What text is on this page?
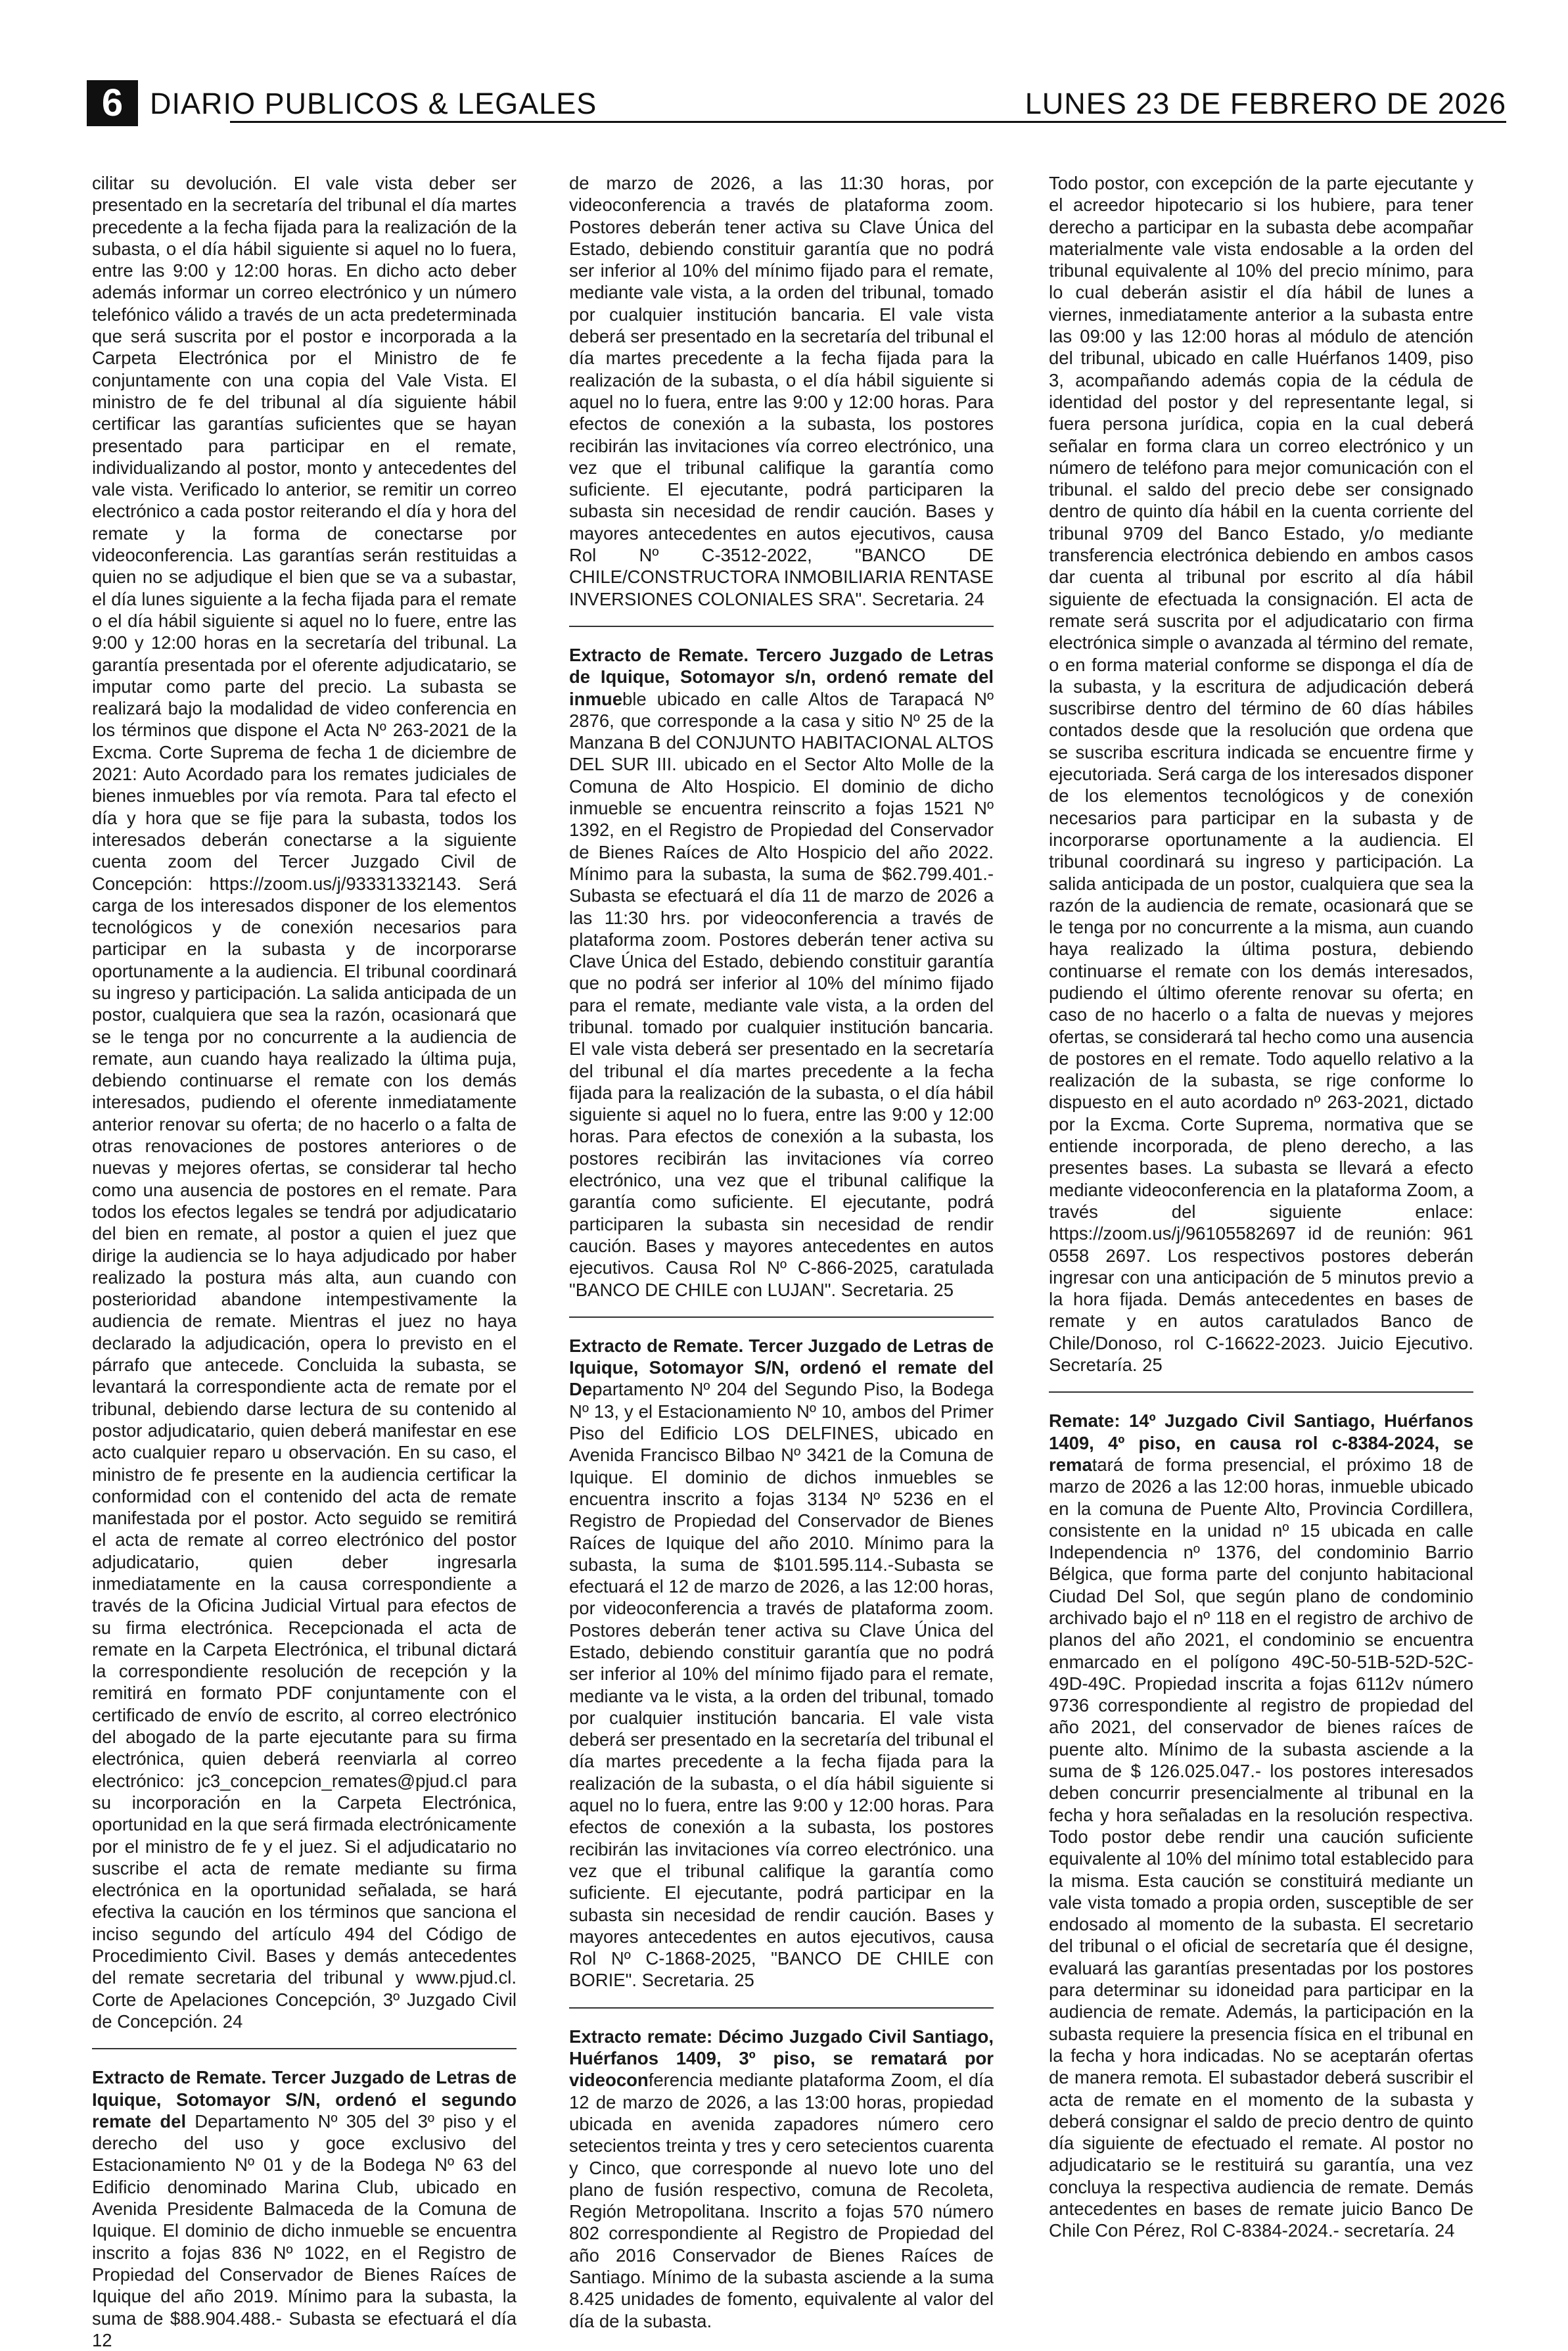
6 DIARIO PUBLICOS & LEGALES	LUNES 23 DE FEBRERO DE 2026

cilitar su devolución. El vale vista deber ser presentado en la secretaría del tribunal el día martes precedente a la fecha fijada para la realización de la subasta, o el día hábil siguiente si aquel no lo fuera, entre las 9:00 y 12:00 horas. En dicho acto deber además informar un correo electrónico y un número telefónico válido a través de un acta predeterminada que será suscrita por el postor e incorporada a la Carpeta Electrónica por el Ministro de fe conjuntamente con una copia del Vale Vista. El ministro de fe del tribunal al día siguiente hábil certificar las garantías suficientes que se hayan presentado para participar en el remate, individualizando al postor, monto y antecedentes del vale vista. Verificado lo anterior, se remitir un correo electrónico a cada postor reiterando el día y hora del remate y la forma de conectarse por videoconferencia. Las garantías serán restituidas a quien no se adjudique el bien que se va a subastar, el día lunes siguiente a la fecha fijada para el remate o el día hábil siguiente si aquel no lo fuere, entre las 9:00 y 12:00 horas en la secretaría del tribunal. La garantía presentada por el oferente adjudicatario, se imputar como parte del precio. La subasta se realizará bajo la modalidad de video conferencia en los términos que dispone el Acta Nº 263-2021 de la Excma. Corte Suprema de fecha 1 de diciembre de 2021: Auto Acordado para los remates judiciales de bienes inmuebles por vía remota. Para tal efecto el día y hora que se fije para la subasta, todos los interesados deberán conectarse a la siguiente cuenta zoom del Tercer Juzgado Civil de Concepción: https://zoom.us/j/93331332143. Será carga de los interesados disponer de los elementos tecnológicos y de conexión necesarios para participar en la subasta y de incorporarse oportunamente a la audiencia. El tribunal coordinará su ingreso y participación. La salida anticipada de un postor, cualquiera que sea la razón, ocasionará que se le tenga por no concurrente a la audiencia de remate, aun cuando haya realizado la última puja, debiendo continuarse el remate con los demás interesados, pudiendo el oferente inmediatamente anterior renovar su oferta; de no hacerlo o a falta de otras renovaciones de postores anteriores o de nuevas y mejores ofertas, se considerar tal hecho como una ausencia de postores en el remate. Para todos los efectos legales se tendrá por adjudicatario del bien en remate, al postor a quien el juez que dirige la audiencia se lo haya adjudicado por haber realizado la postura más alta, aun cuando con posterioridad abandone intempestivamente la audiencia de remate. Mientras el juez no haya declarado la adjudicación, opera lo previsto en el párrafo que antecede. Concluida la subasta, se levantará la correspondiente acta de remate por el tribunal, debiendo darse lectura de su contenido al postor adjudicatario, quien deberá manifestar en ese acto cualquier reparo u observación. En su caso, el ministro de fe presente en la audiencia certificar la conformidad con el contenido del acta de remate manifestada por el postor. Acto seguido se remitirá el acta de remate al correo electrónico del postor adjudicatario, quien deber ingresarla inmediatamente en la causa correspondiente a través de la Oficina Judicial Virtual para efectos de su firma electrónica. Recepcionada el acta de remate en la Carpeta Electrónica, el tribunal dictará la correspondiente resolución de recepción y la remitirá en formato PDF conjuntamente con el certificado de envío de escrito, al correo electrónico del abogado de la parte ejecutante para su firma electrónica, quien deberá reenviarla al correo electrónico: jc3_concepcion_remates@pjud.cl para su incorporación en la Carpeta Electrónica, oportunidad en la que será firmada electrónicamente por el ministro de fe y el juez. Si el adjudicatario no suscribe el acta de remate mediante su firma electrónica en la oportunidad señalada, se hará efectiva la caución en los términos que sanciona el inciso segundo del artículo 494 del Código de Procedimiento Civil. Bases y demás antecedentes del remate secretaria del tribunal y www.pjud.cl. Corte de Apelaciones Concepción, 3º Juzgado Civil de Concepción. 24

Extracto de Remate. Tercer Juzgado de Letras de Iquique, Sotomayor S/N, ordenó el segundo remate del Departamento Nº 305 del 3º piso y el derecho del uso y goce exclusivo del Estacionamiento Nº 01 y de la Bodega Nº 63 del Edificio denominado Marina Club, ubicado en Avenida Presidente Balmaceda de la Comuna de Iquique. El dominio de dicho inmueble se encuentra inscrito a fojas 836 Nº 1022, en el Registro de Propiedad del Conservador de Bienes Raíces de Iquique del año 2019. Mínimo para la subasta, la suma de $88.904.488.- Subasta se efectuará el día 12

de marzo de 2026, a las 11:30 horas, por videoconferencia a través de plataforma zoom. Postores deberán tener activa su Clave Única del Estado, debiendo constituir garantía que no podrá ser inferior al 10% del mínimo fijado para el remate, mediante vale vista, a la orden del tribunal, tomado por cualquier institución bancaria. El vale vista deberá ser presentado en la secretaría del tribunal el día martes precedente a la fecha fijada para la realización de la subasta, o el día hábil siguiente si aquel no lo fuera, entre las 9:00 y 12:00 horas. Para efectos de conexión a la subasta, los postores recibirán las invitaciones vía correo electrónico, una vez que el tribunal califique la garantía como suficiente. El ejecutante, podrá participaren la subasta sin necesidad de rendir caución. Bases y mayores antecedentes en autos ejecutivos, causa Rol Nº C-3512-2022, "BANCO DE CHILE/CONSTRUCTORA INMOBILIARIA RENTASE INVERSIONES COLONIALES SRA". Secretaria. 24

Extracto de Remate. Tercero Juzgado de Letras de Iquique, Sotomayor s/n, ordenó remate del inmueble ubicado en calle Altos de Tarapacá Nº 2876, que corresponde a la casa y sitio Nº 25 de la Manzana B del CONJUNTO HABITACIONAL ALTOS DEL SUR III. ubicado en el Sector Alto Molle de la Comuna de Alto Hospicio. El dominio de dicho inmueble se encuentra reinscrito a fojas 1521 Nº 1392, en el Registro de Propiedad del Conservador de Bienes Raíces de Alto Hospicio del año 2022. Mínimo para la subasta, la suma de $62.799.401.- Subasta se efectuará el día 11 de marzo de 2026 a las 11:30 hrs. por videoconferencia a través de plataforma zoom. Postores deberán tener activa su Clave Única del Estado, debiendo constituir garantía que no podrá ser inferior al 10% del mínimo fijado para el remate, mediante vale vista, a la orden del tribunal. tomado por cualquier institución bancaria. El vale vista deberá ser presentado en la secretaría del tribunal el día martes precedente a la fecha fijada para la realización de la subasta, o el día hábil siguiente si aquel no lo fuera, entre las 9:00 y 12:00 horas. Para efectos de conexión a la subasta, los postores recibirán las invitaciones vía correo electrónico, una vez que el tribunal califique la garantía como suficiente. El ejecutante, podrá participaren la subasta sin necesidad de rendir caución. Bases y mayores antecedentes en autos ejecutivos. Causa Rol Nº C-866-2025, caratulada "BANCO DE CHILE con LUJAN". Secretaria. 25

Extracto de Remate. Tercer Juzgado de Letras de Iquique, Sotomayor S/N, ordenó el remate del Departamento Nº 204 del Segundo Piso, la Bodega Nº 13, y el Estacionamiento Nº 10, ambos del Primer Piso del Edificio LOS DELFINES, ubicado en Avenida Francisco Bilbao Nº 3421 de la Comuna de Iquique. El dominio de dichos inmuebles se encuentra inscrito a fojas 3134 Nº 5236 en el Registro de Propiedad del Conservador de Bienes Raíces de Iquique del año 2010. Mínimo para la subasta, la suma de $101.595.114.-Subasta se efectuará el 12 de marzo de 2026, a las 12:00 horas, por videoconferencia a través de plataforma zoom. Postores deberán tener activa su Clave Única del Estado, debiendo constituir garantía que no podrá ser inferior al 10% del mínimo fijado para el remate, mediante va le vista, a la orden del tribunal, tomado por cualquier institución bancaria. El vale vista deberá ser presentado en la secretaría del tribunal el día martes precedente a la fecha fijada para la realización de la subasta, o el día hábil siguiente si aquel no lo fuera, entre las 9:00 y 12:00 horas. Para efectos de conexión a la subasta, los postores recibirán las invitaciones vía correo electrónico. una vez que el tribunal califique la garantía como suficiente. El ejecutante, podrá participar en la subasta sin necesidad de rendir caución. Bases y mayores antecedentes en autos ejecutivos, causa Rol Nº C-1868-2025, "BANCO DE CHILE con BORIE". Secretaria. 25

Extracto remate: Décimo Juzgado Civil Santiago, Huérfanos 1409, 3º piso, se rematará por videoconferencia mediante plataforma Zoom, el día 12 de marzo de 2026, a las 13:00 horas, propiedad ubicada en avenida zapadores número cero setecientos treinta y tres y cero setecientos cuarenta y Cinco, que corresponde al nuevo lote uno del plano de fusión respectivo, comuna de Recoleta, Región Metropolitana. Inscrito a fojas 570 número 802 correspondiente al Registro de Propiedad del año 2016 Conservador de Bienes Raíces de Santiago. Mínimo de la subasta asciende a la suma 8.425 unidades de fomento, equivalente al valor del día de la subasta.

Todo postor, con excepción de la parte ejecutante y el acreedor hipotecario si los hubiere, para tener derecho a participar en la subasta debe acompañar materialmente vale vista endosable a la orden del tribunal equivalente al 10% del precio mínimo, para lo cual deberán asistir el día hábil de lunes a viernes, inmediatamente anterior a la subasta entre las 09:00 y las 12:00 horas al módulo de atención del tribunal, ubicado en calle Huérfanos 1409, piso 3, acompañando además copia de la cédula de identidad del postor y del representante legal, si fuera persona jurídica, copia en la cual deberá señalar en forma clara un correo electrónico y un número de teléfono para mejor comunicación con el tribunal. el saldo del precio debe ser consignado dentro de quinto día hábil en la cuenta corriente del tribunal 9709 del Banco Estado, y/o mediante transferencia electrónica debiendo en ambos casos dar cuenta al tribunal por escrito al día hábil siguiente de efectuada la consignación. El acta de remate será suscrita por el adjudicatario con firma electrónica simple o avanzada al término del remate, o en forma material conforme se disponga el día de la subasta, y la escritura de adjudicación deberá suscribirse dentro del término de 60 días hábiles contados desde que la resolución que ordena que se suscriba escritura indicada se encuentre firme y ejecutoriada. Será carga de los interesados disponer de los elementos tecnológicos y de conexión necesarios para participar en la subasta y de incorporarse oportunamente a la audiencia. El tribunal coordinará su ingreso y participación. La salida anticipada de un postor, cualquiera que sea la razón de la audiencia de remate, ocasionará que se le tenga por no concurrente a la misma, aun cuando haya realizado la última postura, debiendo continuarse el remate con los demás interesados, pudiendo el último oferente renovar su oferta; en caso de no hacerlo o a falta de nuevas y mejores ofertas, se considerará tal hecho como una ausencia de postores en el remate. Todo aquello relativo a la realización de la subasta, se rige conforme lo dispuesto en el auto acordado nº 263-2021, dictado por la Excma. Corte Suprema, normativa que se entiende incorporada, de pleno derecho, a las presentes bases. La subasta se llevará a efecto mediante videoconferencia en la plataforma Zoom, a través del siguiente enlace: https://zoom.us/j/96105582697 id de reunión: 961 0558 2697. Los respectivos postores deberán ingresar con una anticipación de 5 minutos previo a la hora fijada. Demás antecedentes en bases de remate y en autos caratulados Banco de Chile/Donoso, rol C-16622-2023. Juicio Ejecutivo. Secretaría. 25

Remate: 14º Juzgado Civil Santiago, Huérfanos 1409, 4º piso, en causa rol c-8384-2024, se rematará de forma presencial, el próximo 18 de marzo de 2026 a las 12:00 horas, inmueble ubicado en la comuna de Puente Alto, Provincia Cordillera, consistente en la unidad nº 15 ubicada en calle Independencia nº 1376, del condominio Barrio Bélgica, que forma parte del conjunto habitacional Ciudad Del Sol, que según plano de condominio archivado bajo el nº 118 en el registro de archivo de planos del año 2021, el condominio se encuentra enmarcado en el polígono 49C-50-51B-52D-52C-49D-49C. Propiedad inscrita a fojas 6112v número 9736 correspondiente al registro de propiedad del año 2021, del conservador de bienes raíces de puente alto. Mínimo de la subasta asciende a la suma de $ 126.025.047.- los postores interesados deben concurrir presencialmente al tribunal en la fecha y hora señaladas en la resolución respectiva. Todo postor debe rendir una caución suficiente equivalente al 10% del mínimo total establecido para la misma. Esta caución se constituirá mediante un vale vista tomado a propia orden, susceptible de ser endosado al momento de la subasta. El secretario del tribunal o el oficial de secretaría que él designe, evaluará las garantías presentadas por los postores para determinar su idoneidad para participar en la audiencia de remate. Además, la participación en la subasta requiere la presencia física en el tribunal en la fecha y hora indicadas. No se aceptarán ofertas de manera remota. El subastador deberá suscribir el acta de remate en el momento de la subasta y deberá consignar el saldo de precio dentro de quinto día siguiente de efectuado el remate. Al postor no adjudicatario se le restituirá su garantía, una vez concluya la respectiva audiencia de remate. Demás antecedentes en bases de remate juicio Banco De Chile Con Pérez, Rol C-8384-2024.- secretaría. 24
